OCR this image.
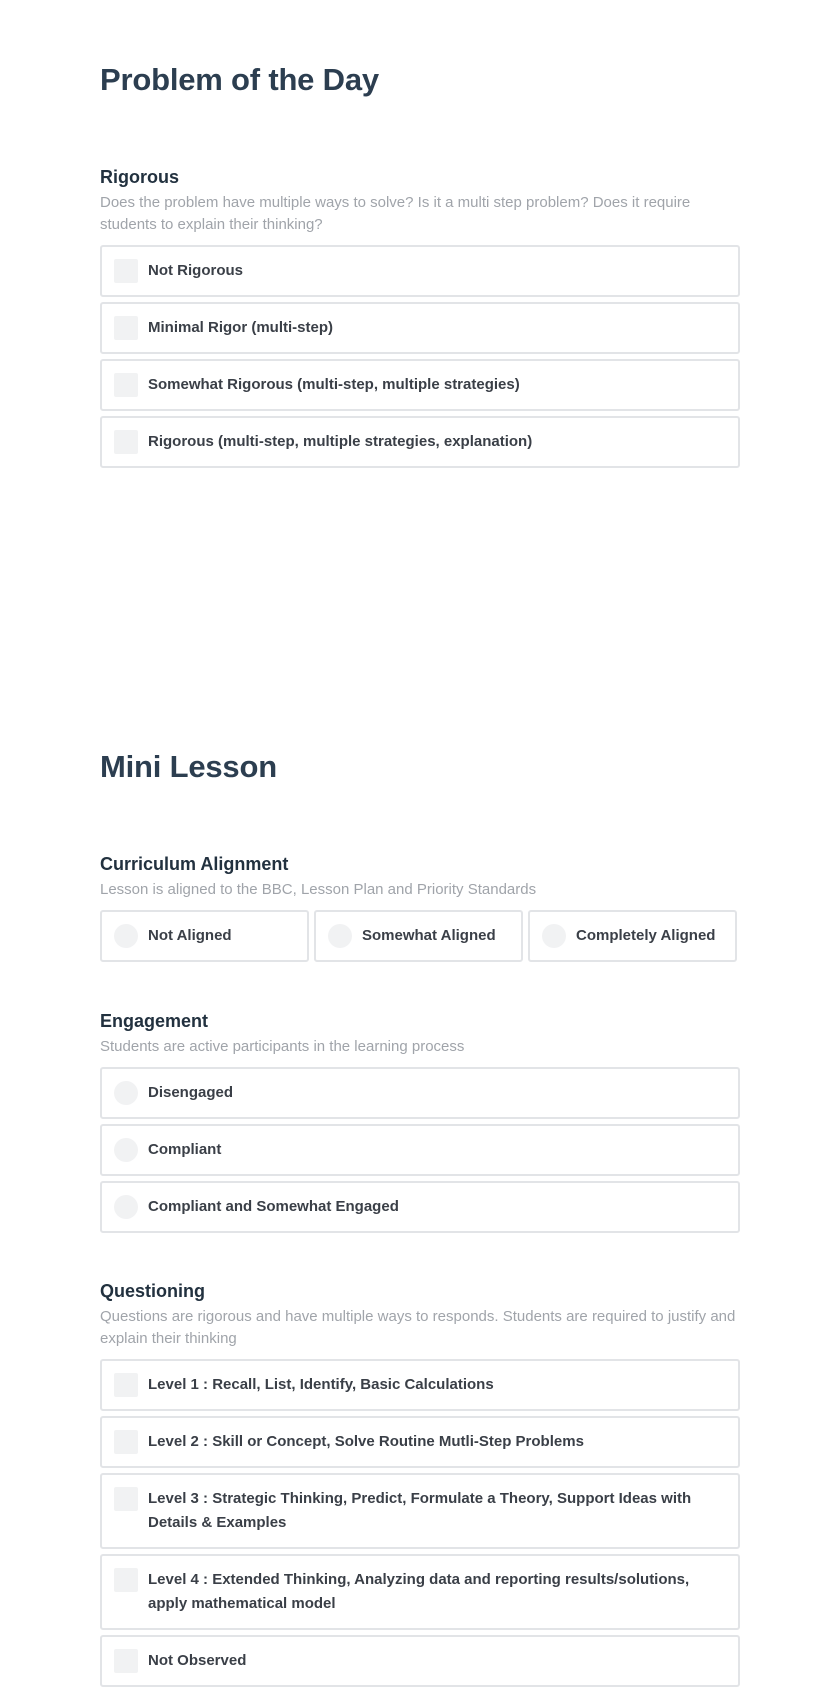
Problem of the Day
Rigorous

Does the problem have multiple ways to solve? Is it a multi step problem? Does it require students to explain their thinking?

Not Rigorous
Minimal Rigor (multi-step)
Somewhat Rigorous (multi-step, multiple strategies)
Rigorous (multi-step, multiple strategies, explanation)
Mini Lesson
Curriculum Alignment

Lesson is aligned to the BBC, Lesson Plan and Priority Standards

Not Aligned	Somewhat Aligned	Completely Aligned
Engagement

Students are active participants in the learning process

Disengaged
Compliant
Compliant and Somewhat Engaged
Questioning

Questions are rigorous and have multiple ways to responds. Students are required to justify and explain their thinking

Level 1 : Recall, List, Identify, Basic Calculations
Level 2 : Skill or Concept, Solve Routine Mutli-Step Problems
Level 3 : Strategic Thinking, Predict, Formulate a Theory, Support Ideas with Details & Examples
Level 4 : Extended Thinking, Analyzing data and reporting results/solutions, apply mathematical model
Not Observed
